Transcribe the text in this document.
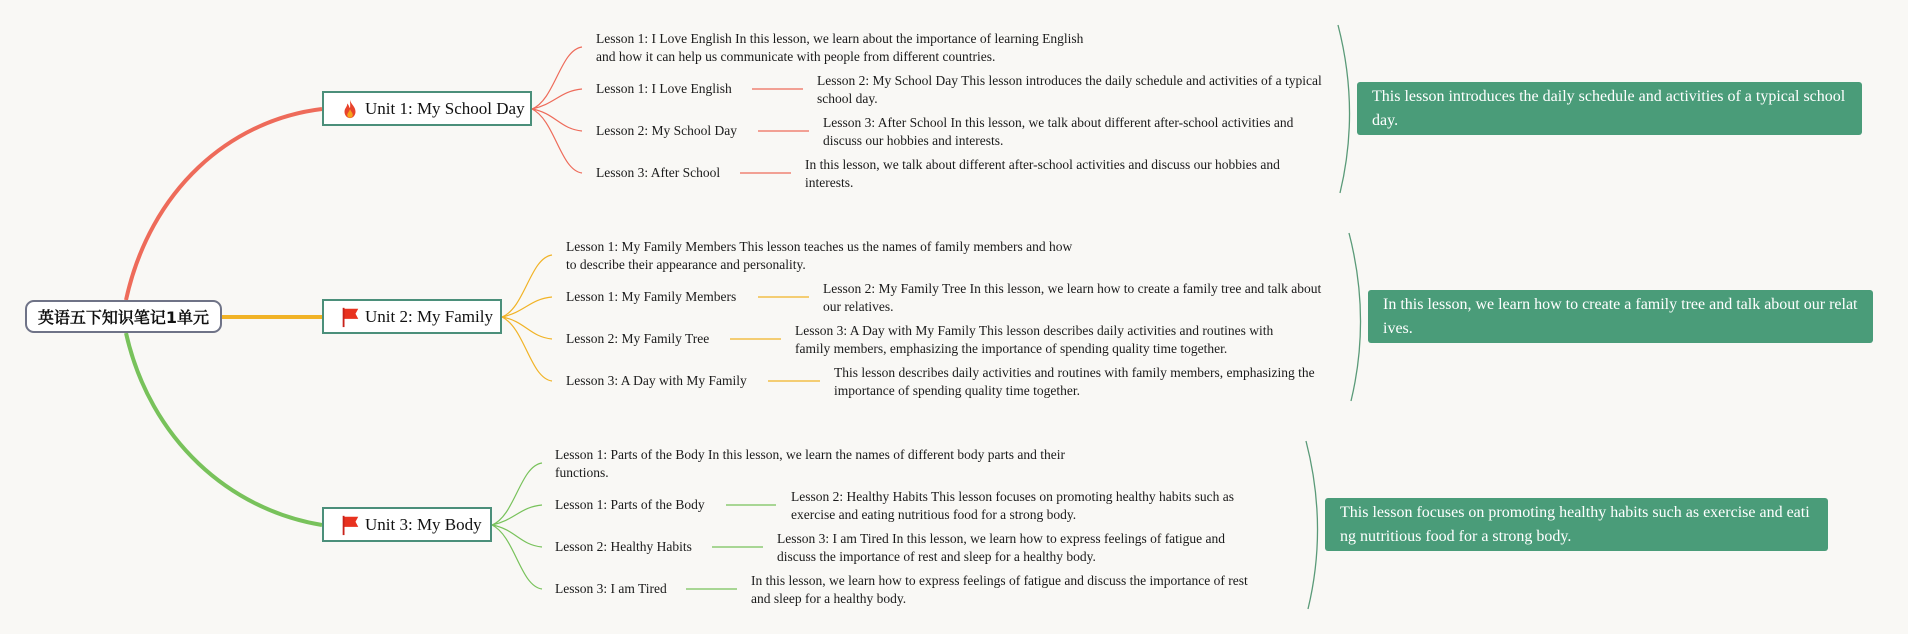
英语五下知识笔记1单元
Unit 1: My School Day
Lesson 1: I Love English In this lesson, we learn about the importance of learning English and how it can help us communicate with people from different countries.
Lesson 1: I Love English
Lesson 2: My School Day This lesson introduces the daily schedule and activities of a typical school day.
Lesson 2: My School Day
Lesson 3: After School In this lesson, we talk about different after-school activities and discuss our hobbies and interests.
Lesson 3: After School
In this lesson, we talk about different after-school activities and discuss our hobbies and interests.
This lesson introduces the daily schedule and activities of a typical school day.
Unit 2: My Family
Lesson 1: My Family Members This lesson teaches us the names of family members and how to describe their appearance and personality.
Lesson 1: My Family Members
Lesson 2: My Family Tree In this lesson, we learn how to create a family tree and talk about our relatives.
Lesson 2: My Family Tree
Lesson 3: A Day with My Family This lesson describes daily activities and routines with family members, emphasizing the importance of spending quality time together.
Lesson 3: A Day with My Family
This lesson describes daily activities and routines with family members, emphasizing the importance of spending quality time together.
In this lesson, we learn how to create a family tree and talk about our relatives.
Unit 3: My Body
Lesson 1: Parts of the Body In this lesson, we learn the names of different body parts and their functions.
Lesson 1: Parts of the Body
Lesson 2: Healthy Habits This lesson focuses on promoting healthy habits such as exercise and eating nutritious food for a strong body.
Lesson 2: Healthy Habits
Lesson 3: I am Tired In this lesson, we learn how to express feelings of fatigue and discuss the importance of rest and sleep for a healthy body.
Lesson 3: I am Tired
In this lesson, we learn how to express feelings of fatigue and discuss the importance of rest and sleep for a healthy body.
This lesson focuses on promoting healthy habits such as exercise and eating nutritious food for a strong body.
